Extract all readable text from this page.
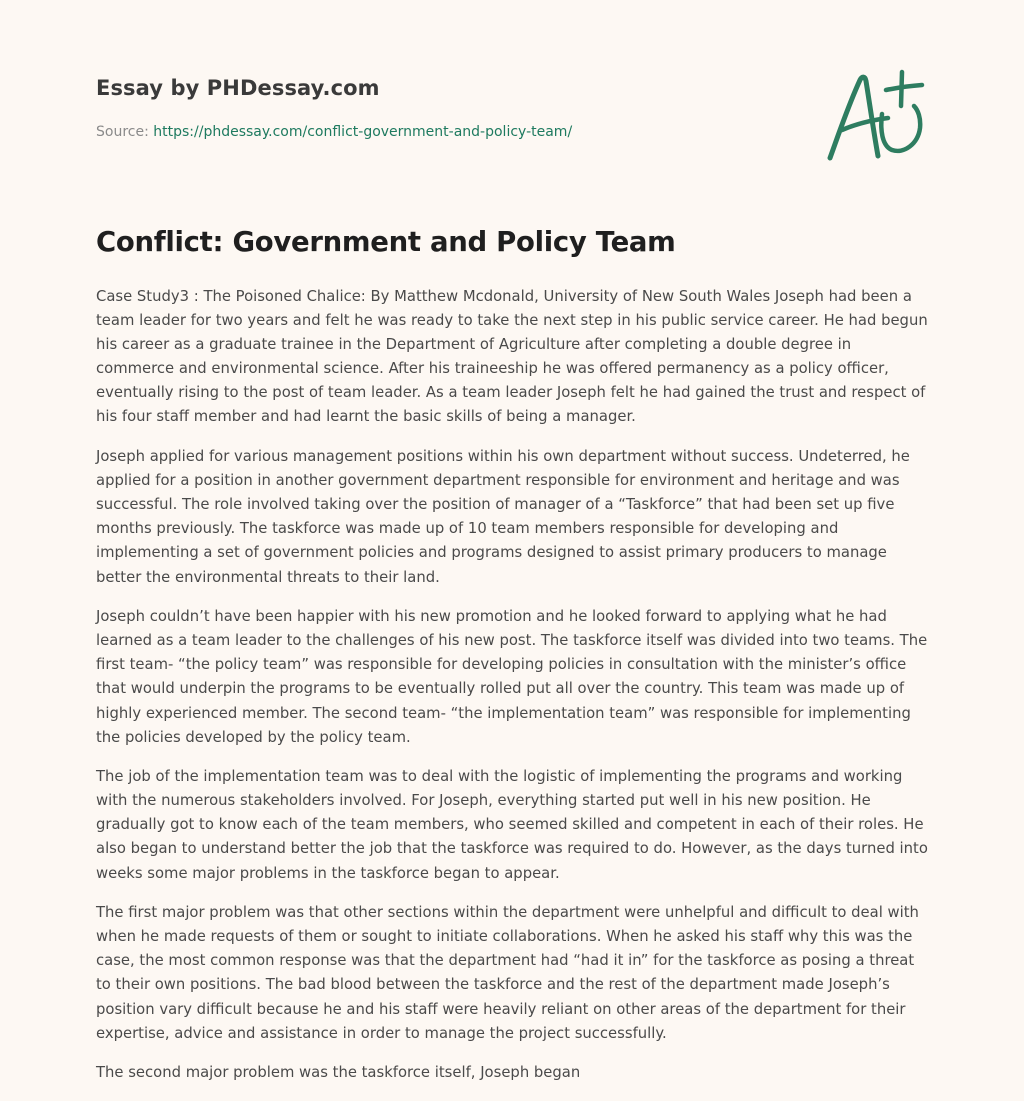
Essay by PHDessay.com
Source: https://phdessay.com/conflict-government-and-policy-team/
Conflict: Government and Policy Team

Case Study3 : The Poisoned Chalice: By Matthew Mcdonald, University of New South Wales Joseph had been a team leader for two years and felt he was ready to take the next step in his public service career. He had begun his career as a graduate trainee in the Department of Agriculture after completing a double degree in commerce and environmental science. After his traineeship he was offered permanency as a policy officer, eventually rising to the post of team leader. As a team leader Joseph felt he had gained the trust and respect of his four staff member and had learnt the basic skills of being a manager.

Joseph applied for various management positions within his own department without success. Undeterred, he applied for a position in another government department responsible for environment and heritage and was successful. The role involved taking over the position of manager of a “Taskforce” that had been set up five months previously. The taskforce was made up of 10 team members responsible for developing and implementing a set of government policies and programs designed to assist primary producers to manage better the environmental threats to their land.

Joseph couldn’t have been happier with his new promotion and he looked forward to applying what he had learned as a team leader to the challenges of his new post. The taskforce itself was divided into two teams. The first team- “the policy team” was responsible for developing policies in consultation with the minister’s office that would underpin the programs to be eventually rolled put all over the country. This team was made up of highly experienced member. The second team- “the implementation team” was responsible for implementing the policies developed by the policy team.

The job of the implementation team was to deal with the logistic of implementing the programs and working with the numerous stakeholders involved. For Joseph, everything started put well in his new position. He gradually got to know each of the team members, who seemed skilled and competent in each of their roles. He also began to understand better the job that the taskforce was required to do. However, as the days turned into weeks some major problems in the taskforce began to appear.

The first major problem was that other sections within the department were unhelpful and difficult to deal with when he made requests of them or sought to initiate collaborations. When he asked his staff why this was the case, the most common response was that the department had “had it in” for the taskforce as posing a threat to their own positions. The bad blood between the taskforce and the rest of the department made Joseph’s position vary difficult because he and his staff were heavily reliant on other areas of the department for their expertise, advice and assistance in order to manage the project successfully.

The second major problem was the taskforce itself, Joseph began
